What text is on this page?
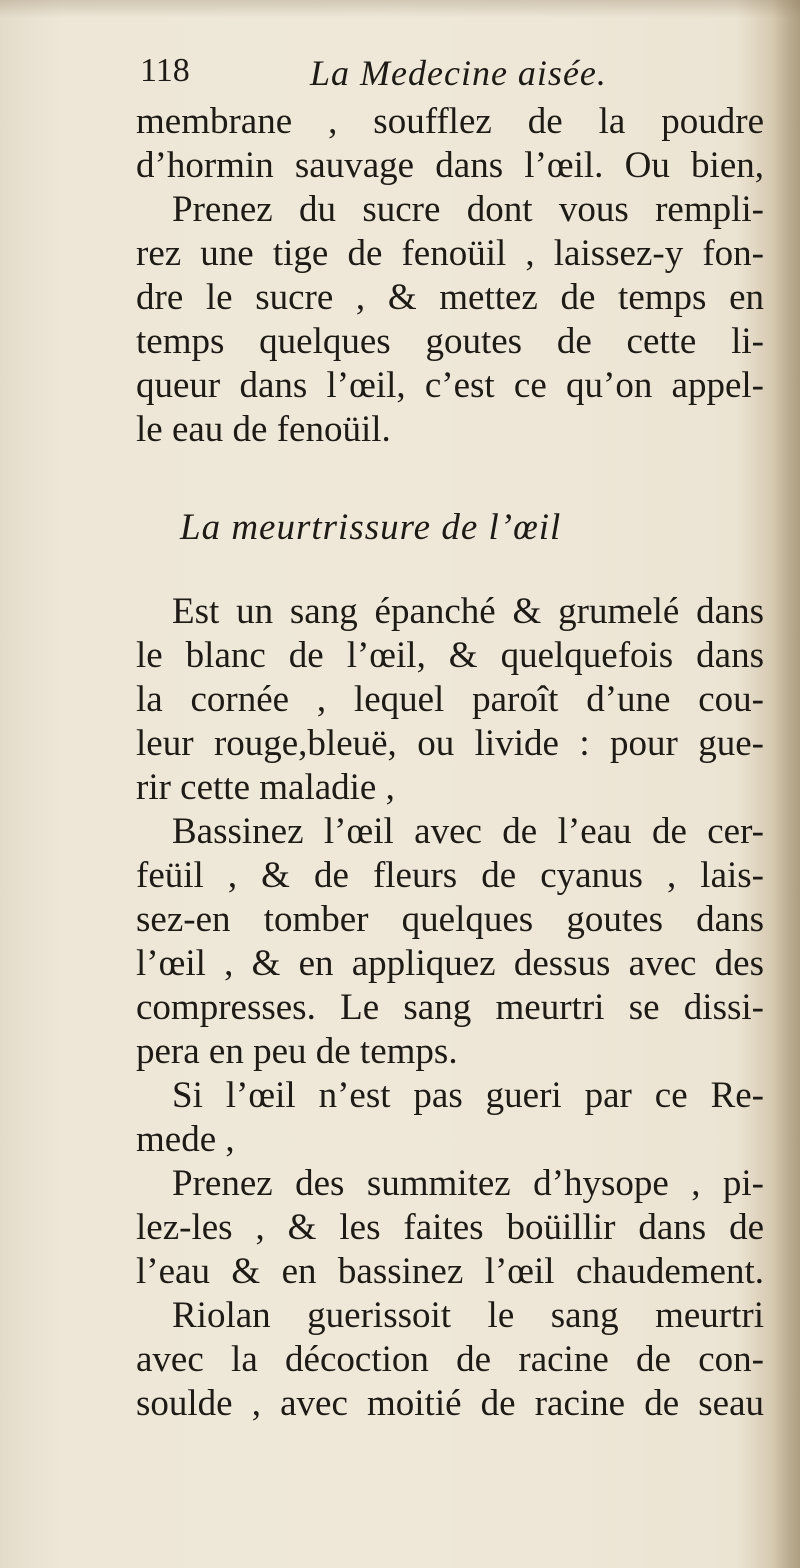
118	La Medecine aisée.
membrane , soufflez de la poudre
d’hormin sauvage dans l’œil. Ou bien,
Prenez du sucre dont vous rempli-
rez une tige de fenoüil , laissez-y fon-
dre le sucre , & mettez de temps en
temps quelques goutes de cette li-
queur dans l’œil, c’est ce qu’on appel-
le eau de fenoüil.
La meurtrissure de l’œil
Est un sang épanché & grumelé dans
le blanc de l’œil, & quelquefois dans
la cornée , lequel paroît d’une cou-
leur rouge,bleuë, ou livide : pour gue-
rir cette maladie ,
Bassinez l’œil avec de l’eau de cer-
feüil , & de fleurs de cyanus , lais-
sez-en tomber quelques goutes dans
l’œil , & en appliquez dessus avec des
compresses. Le sang meurtri se dissi-
pera en peu de temps.
Si l’œil n’est pas gueri par ce Re-
mede ,
Prenez des summitez d’hysope , pi-
lez-les , & les faites boüillir dans de
l’eau & en bassinez l’œil chaudement.
Riolan guerissoit le sang meurtri
avec la décoction de racine de con-
soulde , avec moitié de racine de seau
